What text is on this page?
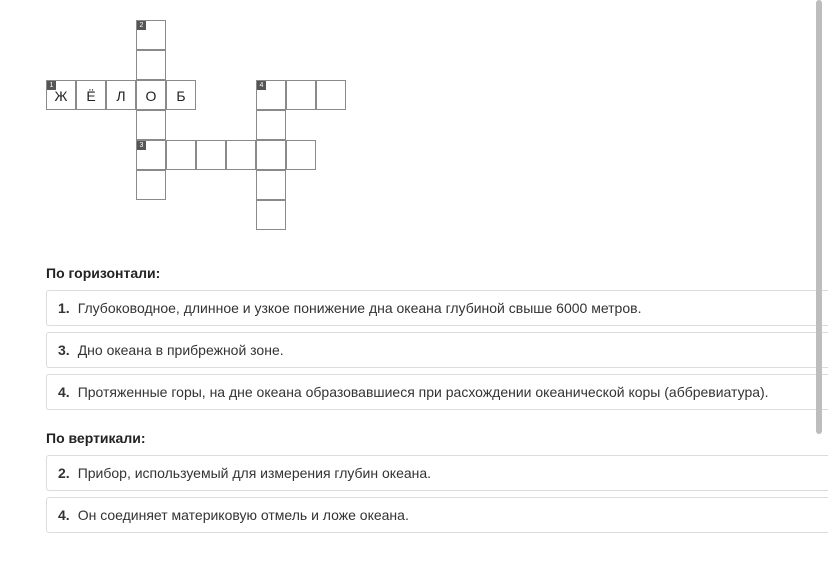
2
1
Ж	Ё	Л	О	Б
4
3
По горизонтали:
1. Глубоководное, длинное и узкое понижение дна океана глубиной свыше 6000 метров.
3. Дно океана в прибрежной зоне.
4. Протяженные горы, на дне океана образовавшиеся при расхождении океанической коры (аббревиатура).
По вертикали:
2. Прибор, используемый для измерения глубин океана.
4. Он соединяет материковую отмель и ложе океана.
